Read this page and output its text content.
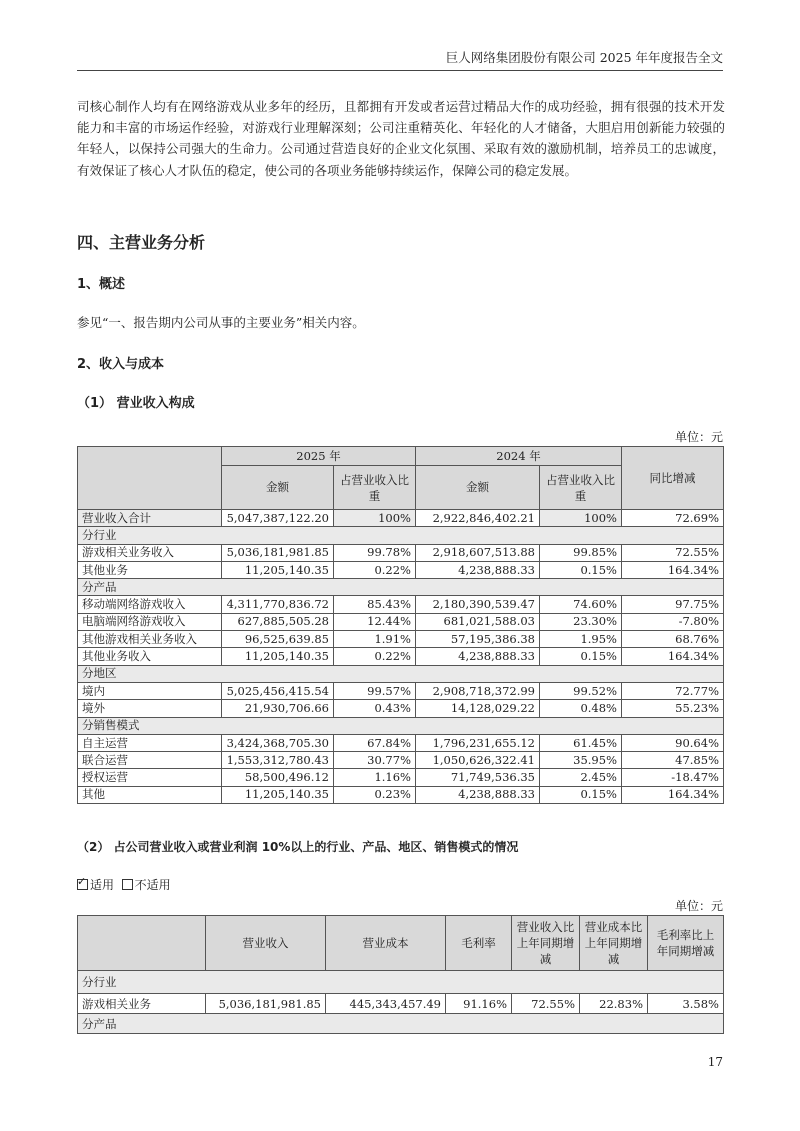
巨人网络集团股份有限公司 2025 年年度报告全文
司核心制作人均有在网络游戏从业多年的经历，且都拥有开发或者运营过精品大作的成功经验，拥有很强的技术开发能力和丰富的市场运作经验，对游戏行业理解深刻；公司注重精英化、年轻化的人才储备，大胆启用创新能力较强的年轻人，以保持公司强大的生命力。公司通过营造良好的企业文化氛围、采取有效的激励机制，培养员工的忠诚度，有效保证了核心人才队伍的稳定，使公司的各项业务能够持续运作，保障公司的稳定发展。
四、主营业务分析
1、概述
参见“一、报告期内公司从事的主要业务”相关内容。
2、收入与成本
（1） 营业收入构成
单位：元
	2025 年		2024 年		同比增减
	金额	占营业收入比重	金额	占营业收入比重	
营业收入合计	5,047,387,122.20	100%	2,922,846,402.21	100%	72.69%
分行业					
游戏相关业务收入	5,036,181,981.85	99.78%	2,918,607,513.88	99.85%	72.55%
其他业务	11,205,140.35	0.22%	4,238,888.33	0.15%	164.34%
分产品					
移动端网络游戏收入	4,311,770,836.72	85.43%	2,180,390,539.47	74.60%	97.75%
电脑端网络游戏收入	627,885,505.28	12.44%	681,021,588.03	23.30%	-7.80%
其他游戏相关业务收入	96,525,639.85	1.91%	57,195,386.38	1.95%	68.76%
其他业务收入	11,205,140.35	0.22%	4,238,888.33	0.15%	164.34%
分地区					
境内	5,025,456,415.54	99.57%	2,908,718,372.99	99.52%	72.77%
境外	21,930,706.66	0.43%	14,128,029.22	0.48%	55.23%
分销售模式					
自主运营	3,424,368,705.30	67.84%	1,796,231,655.12	61.45%	90.64%
联合运营	1,553,312,780.43	30.77%	1,050,626,322.41	35.95%	47.85%
授权运营	58,500,496.12	1.16%	71,749,536.35	2.45%	-18.47%
其他	11,205,140.35	0.23%	4,238,888.33	0.15%	164.34%
（2） 占公司营业收入或营业利润 10%以上的行业、产品、地区、销售模式的情况
✓适用 不适用
单位：元
	营业收入	营业成本	毛利率	营业收入比上年同期增减	营业成本比上年同期增减	毛利率比上年同期增减
分行业						
游戏相关业务	5,036,181,981.85	445,343,457.49	91.16%	72.55%	22.83%	3.58%
分产品						
17
